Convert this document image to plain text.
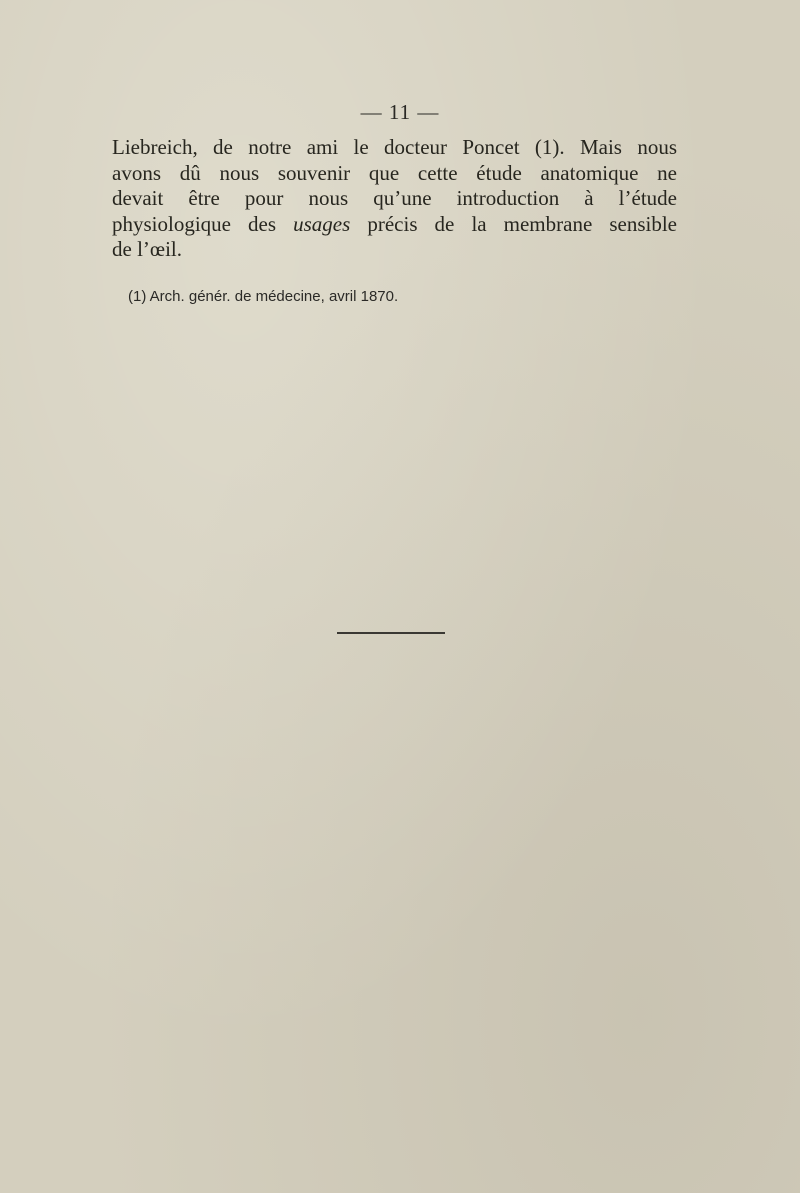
— 11 —
Liebreich, de notre ami le docteur Poncet (1). Mais nous
avons dû nous souvenir que cette étude anatomique ne
devait être pour nous qu’une introduction à l’étude
physiologique des usages précis de la membrane sensible
de l’œil.
(1) Arch. génér. de médecine, avril 1870.
